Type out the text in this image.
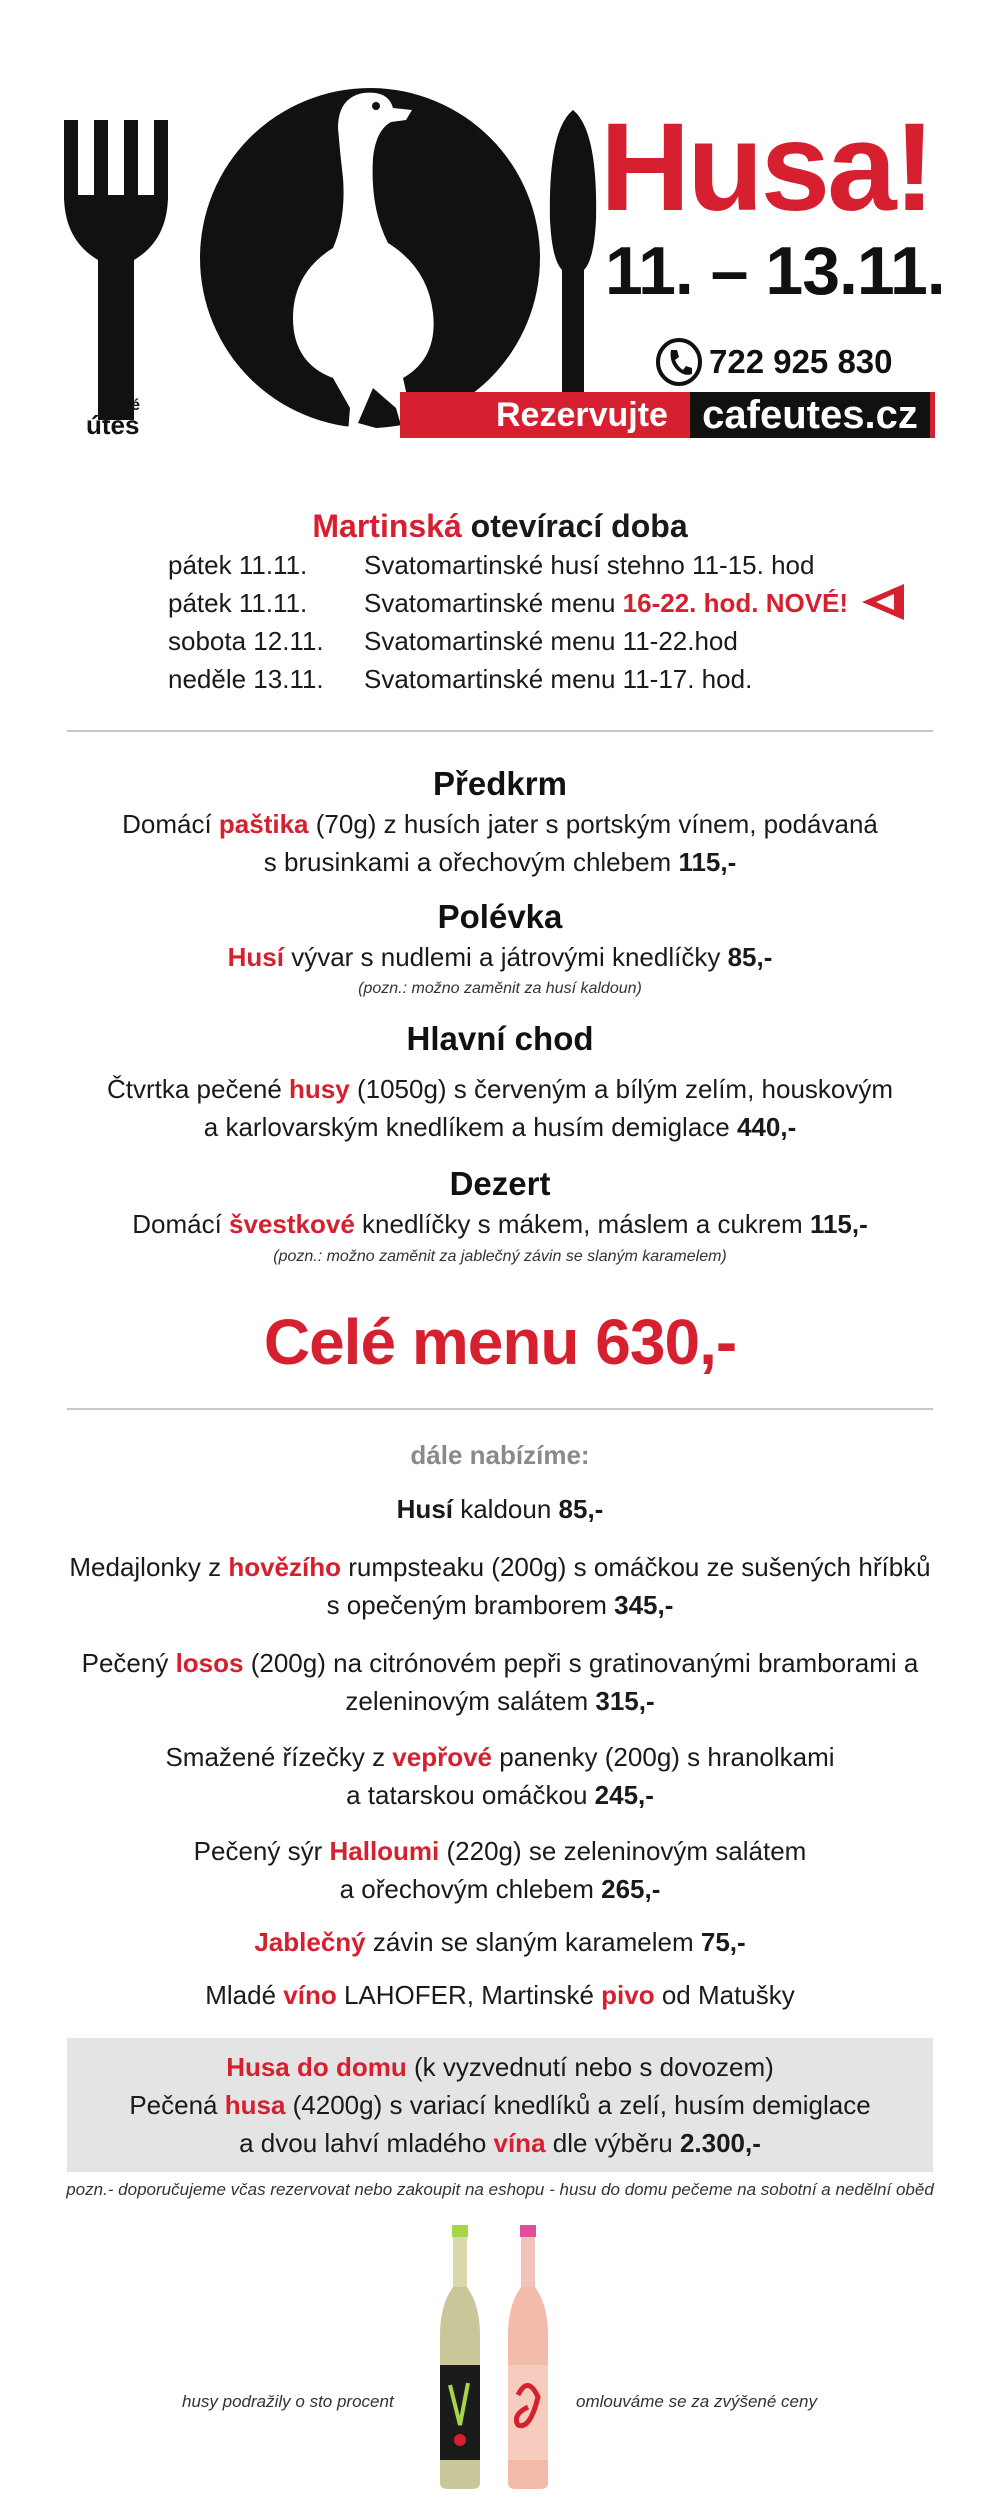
Husa!
11. – 13.11.
722 925 830
café
útes	Rezervujte cafeutes.cz
Martinská otevírací doba
pátek 11.11. Svatomartinské husí stehno 11-15. hod
pátek 11.11. Svatomartinské menu 16-22. hod. NOVÉ!
sobota 12.11. Svatomartinské menu 11-22.hod
neděle 13.11. Svatomartinské menu 11-17. hod.
Předkrm
Domácí paštika (70g) z husích jater s portským vínem, podávaná
s brusinkami a ořechovým chlebem 115,-
Polévka
Husí vývar s nudlemi a játrovými knedlíčky 85,-
(pozn.: možno zaměnit za husí kaldoun)
Hlavní chod
Čtvrtka pečené husy (1050g) s červeným a bílým zelím, houskovým
a karlovarským knedlíkem a husím demiglace 440,-
Dezert
Domácí švestkové knedlíčky s mákem, máslem a cukrem 115,-
(pozn.: možno zaměnit za jablečný závin se slaným karamelem)
Celé menu 630,-
dále nabízíme:
Husí kaldoun 85,-
Medajlonky z hovězího rumpsteaku (200g) s omáčkou ze sušených hříbků
s opečeným bramborem 345,-
Pečený losos (200g) na citrónovém pepři s gratinovanými bramborami a
zeleninovým salátem 315,-
Smažené řízečky z vepřové panenky (200g) s hranolkami
a tatarskou omáčkou 245,-
Pečený sýr Halloumi (220g) se zeleninovým salátem
a ořechovým chlebem 265,-
Jablečný závin se slaným karamelem 75,-
Mladé víno LAHOFER, Martinské pivo od Matušky
Husa do domu (k vyzvednutí nebo s dovozem)
Pečená husa (4200g) s variací knedlíků a zelí, husím demiglace
a dvou lahví mladého vína dle výběru 2.300,-
pozn.- doporučujeme včas rezervovat nebo zakoupit na eshopu - husu do domu pečeme na sobotní a nedělní oběd
husy podražily o sto procent	omlouváme se za zvýšené ceny
